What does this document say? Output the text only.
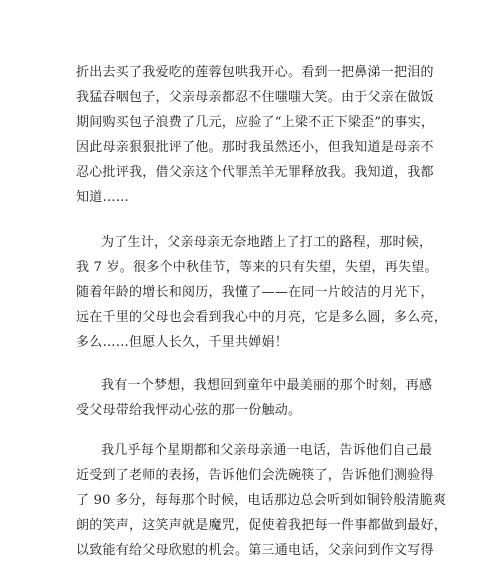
折出去买了我爱吃的莲蓉包哄我开心。看到一把鼻涕一把泪的
我猛吞咽包子，父亲母亲都忍不住嗤嗤大笑。由于父亲在做饭
期间购买包子浪费了几元，应验了“上梁不正下梁歪”的事实，
因此母亲狠狠批评了他。那时我虽然还小，但我知道是母亲不
忍心批评我，借父亲这个代罪羔羊无罪释放我。我知道，我都
知道……
为了生计，父亲母亲无奈地踏上了打工的路程，那时候，
我 7 岁。很多个中秋佳节，等来的只有失望，失望，再失望。
随着年龄的增长和阅历，我懂了——在同一片皎洁的月光下，
远在千里的父母也会看到我心中的月亮，它是多么圆，多么亮，
多么……但愿人长久，千里共婵娟！
我有一个梦想，我想回到童年中最美丽的那个时刻，再感
受父母带给我怦动心弦的那一份触动。
我几乎每个星期都和父亲母亲通一电话，告诉他们自己最
近受到了老师的表扬，告诉他们会洗碗筷了，告诉他们测验得
了 90 多分，每每那个时候，电话那边总会听到如铜铃般清脆爽
朗的笑声，这笑声就是魔咒，促使着我把每一件事都做到最好，
以致能有给父母欣慰的机会。第三通电话，父亲问到作文写得
